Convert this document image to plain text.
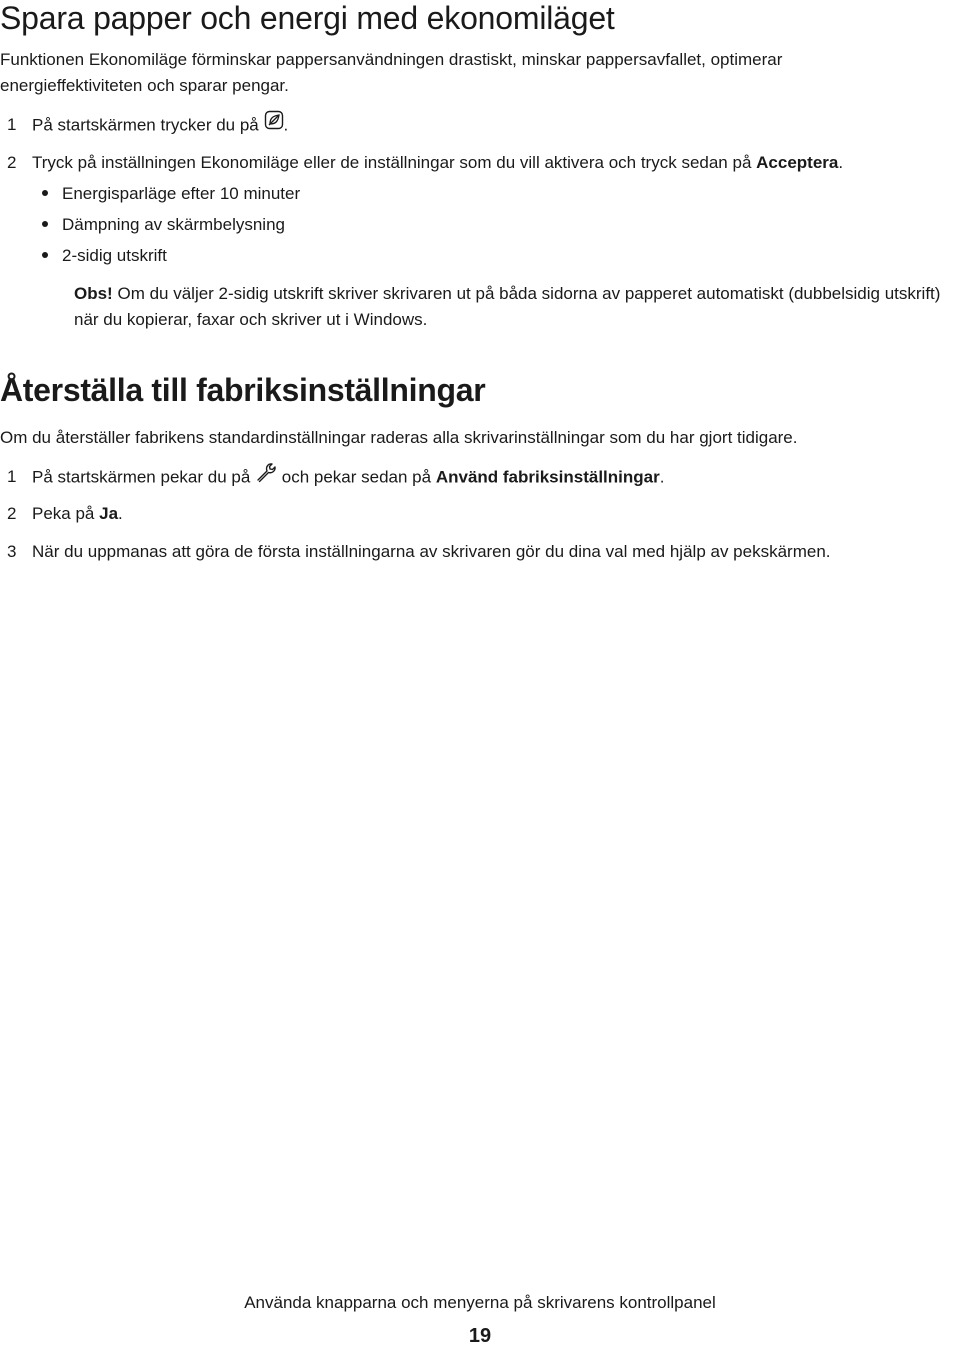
Spara papper och energi med ekonomiläget
Funktionen Ekonomiläge förminskar pappersanvändningen drastiskt, minskar pappersavfallet, optimerar
energieffektiviteten och sparar pengar.
1 På startskärmen trycker du på .
2 Tryck på inställningen Ekonomiläge eller de inställningar som du vill aktivera och tryck sedan på Acceptera.
Energisparläge efter 10 minuter
Dämpning av skärmbelysning
2-sidig utskrift
Obs! Om du väljer 2-sidig utskrift skriver skrivaren ut på båda sidorna av papperet automatiskt (dubbelsidig utskrift) när du kopierar, faxar och skriver ut i Windows.
Återställa till fabriksinställningar
Om du återställer fabrikens standardinställningar raderas alla skrivarinställningar som du har gjort tidigare.
1 På startskärmen pekar du på och pekar sedan på Använd fabriksinställningar.
2 Peka på Ja.
3 När du uppmanas att göra de första inställningarna av skrivaren gör du dina val med hjälp av pekskärmen.
Använda knapparna och menyerna på skrivarens kontrollpanel
19
